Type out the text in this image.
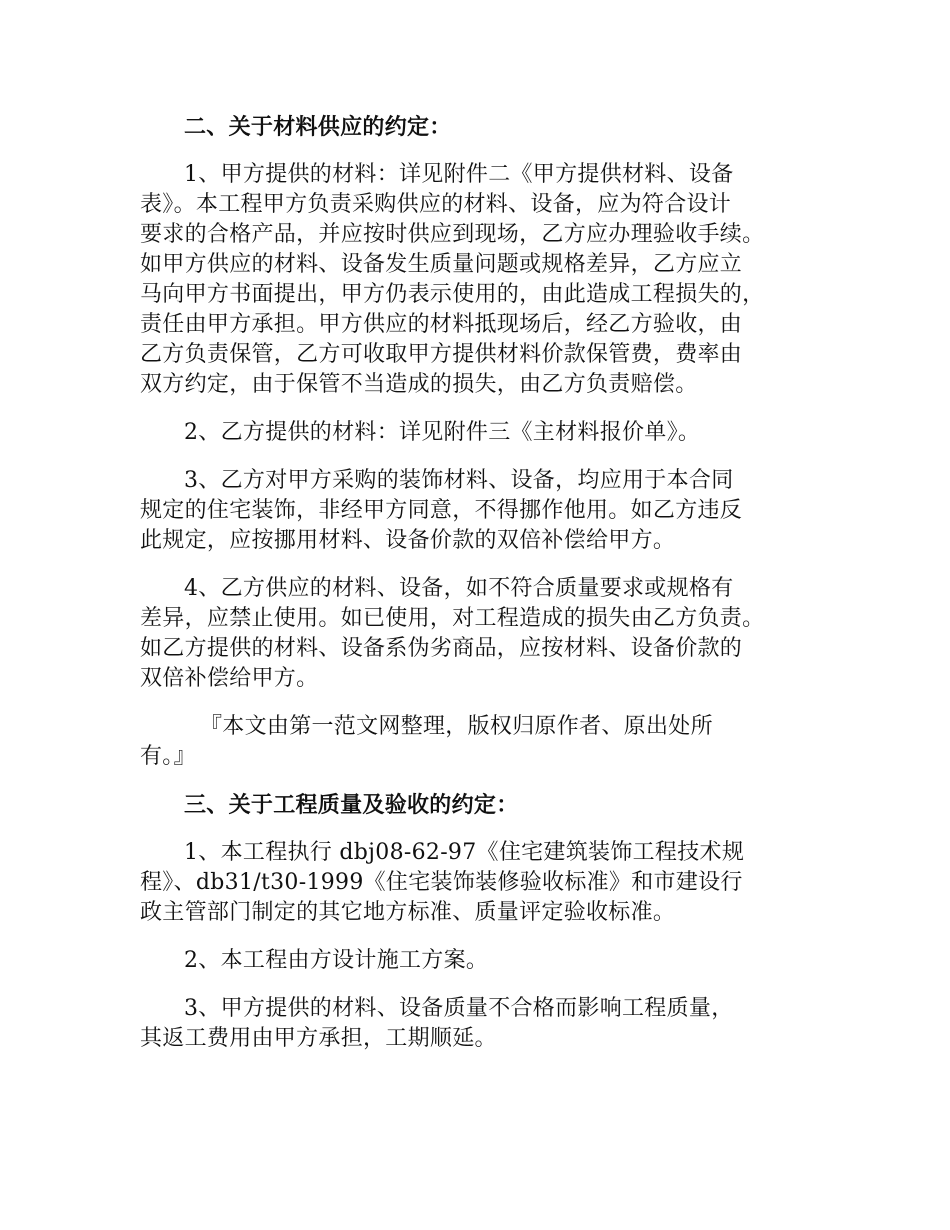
二、关于材料供应的约定：

1、甲方提供的材料：详见附件二《甲方提供材料、设备
表》。本工程甲方负责采购供应的材料、设备，应为符合设计
要求的合格产品，并应按时供应到现场，乙方应办理验收手续。
如甲方供应的材料、设备发生质量问题或规格差异，乙方应立
马向甲方书面提出，甲方仍表示使用的，由此造成工程损失的，
责任由甲方承担。甲方供应的材料抵现场后，经乙方验收，由
乙方负责保管，乙方可收取甲方提供材料价款保管费，费率由
双方约定，由于保管不当造成的损失，由乙方负责赔偿。

2、乙方提供的材料：详见附件三《主材料报价单》。

3、乙方对甲方采购的装饰材料、设备，均应用于本合同
规定的住宅装饰，非经甲方同意，不得挪作他用。如乙方违反
此规定，应按挪用材料、设备价款的双倍补偿给甲方。

4、乙方供应的材料、设备，如不符合质量要求或规格有
差异，应禁止使用。如已使用，对工程造成的损失由乙方负责。
如乙方提供的材料、设备系伪劣商品，应按材料、设备价款的
双倍补偿给甲方。

『本文由第一范文网整理，版权归原作者、原出处所
有。』

三、关于工程质量及验收的约定：

1、本工程执行 dbj08-62-97《住宅建筑装饰工程技术规
程》、db31/t30-1999《住宅装饰装修验收标准》和市建设行
政主管部门制定的其它地方标准、质量评定验收标准。

2、本工程由方设计施工方案。

3、甲方提供的材料、设备质量不合格而影响工程质量，
其返工费用由甲方承担，工期顺延。
